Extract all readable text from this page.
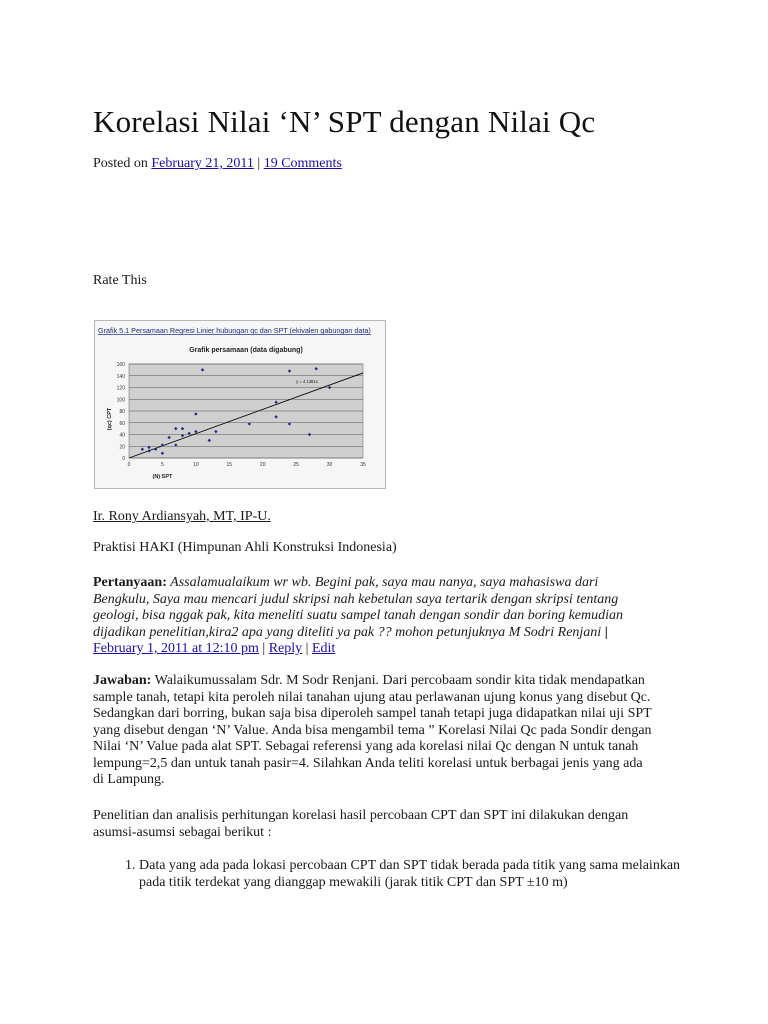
Korelasi Nilai ‘N’ SPT dengan Nilai Qc
Posted on February 21, 2011 | 19 Comments
Rate This
Grafik 5.1 Persamaan Regresi Linier hubungan qc dan SPT (ekivalen gabungan data)
Grafik persamaan (data digabung)
0
20
40
60
80
100
120
140
160
0	5	10	15	20	25	30	35
(N) SPT
(qc) CPT
y = 4.1381x
Ir. Rony Ardiansyah, MT, IP-U.
Praktisi HAKI (Himpunan Ahli Konstruksi Indonesia)
Pertanyaan: Assalamualaikum wr wb. Begini pak, saya mau nanya, saya mahasiswa dari Bengkulu, Saya mau mencari judul skripsi nah kebetulan saya tertarik dengan skripsi tentang geologi, bisa nggak pak, kita meneliti suatu sampel tanah dengan sondir dan boring kemudian dijadikan penelitian,kira2 apa yang diteliti ya pak ?? mohon petunjuknya M Sodri Renjani | February 1, 2011 at 12:10 pm | Reply | Edit
Jawaban: Walaikumussalam Sdr. M Sodr Renjani. Dari percobaam sondir kita tidak mendapatkan sample tanah, tetapi kita peroleh nilai tanahan ujung atau perlawanan ujung konus yang disebut Qc. Sedangkan dari borring, bukan saja bisa diperoleh sampel tanah tetapi juga didapatkan nilai uji SPT yang disebut dengan ‘N’ Value. Anda bisa mengambil tema ” Korelasi Nilai Qc pada Sondir dengan Nilai ‘N’ Value pada alat SPT. Sebagai referensi yang ada korelasi nilai Qc dengan N untuk tanah lempung=2,5 dan untuk tanah pasir=4. Silahkan Anda teliti korelasi untuk berbagai jenis yang ada di Lampung.
Penelitian dan analisis perhitungan korelasi hasil percobaan CPT dan SPT ini dilakukan dengan asumsi-asumsi sebagai berikut :
1. Data yang ada pada lokasi percobaan CPT dan SPT tidak berada pada titik yang sama melainkan pada titik terdekat yang dianggap mewakili (jarak titik CPT dan SPT ±10 m)
